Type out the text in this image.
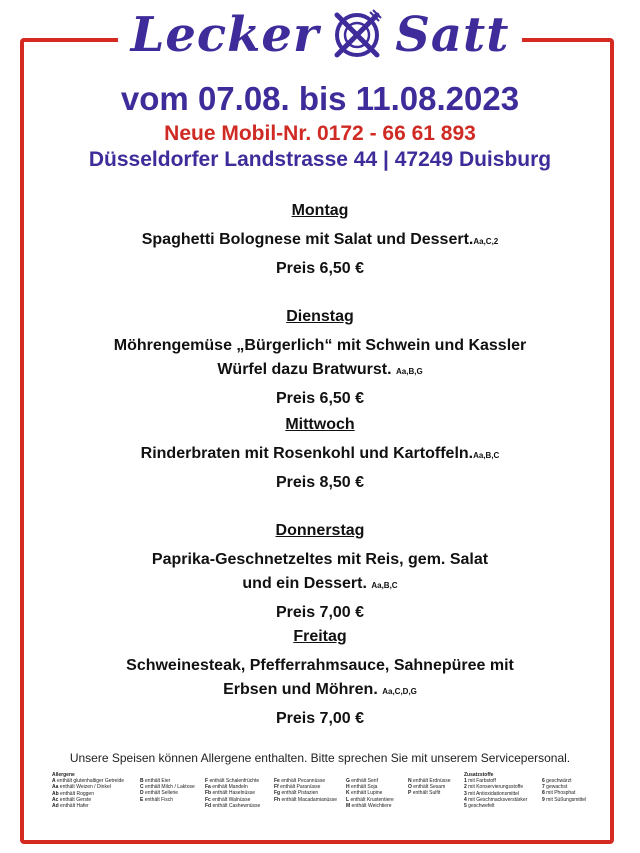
Lecker Satt
vom 07.08. bis 11.08.2023
Neue Mobil-Nr. 0172 - 66 61 893
Düsseldorfer Landstrasse 44 | 47249 Duisburg
Montag
Spaghetti Bolognese mit Salat und Dessert.Aa,C,2
Preis 6,50 €
Dienstag
Möhrengemüse „Bürgerlich“ mit Schwein und Kassler
Würfel dazu Bratwurst. Aa,B,G
Preis 6,50 €
Mittwoch
Rinderbraten mit Rosenkohl und Kartoffeln.Aa,B,C
Preis 8,50 €
Donnerstag
Paprika-Geschnetzeltes mit Reis, gem. Salat
und ein Dessert. Aa,B,C
Preis 7,00 €
Freitag
Schweinesteak, Pfefferrahmsauce, Sahnepüree mit
Erbsen und Möhren. Aa,C,D,G
Preis 7,00 €
Unsere Speisen können Allergene enthalten. Bitte sprechen Sie mit unserem Servicepersonal.
Allergene
A enthält glutenhaltiger Getreide
Aa enthält Weizen / Dinkel
Ab enthält Roggen
Ac enthält Gerste
Ad enthält Hafer
B enthält Eier
C enthält Milch / Laktose
D enthält Sellerie
E enthält Fisch
F enthält Schalenfrüchte
Fa enthält Mandeln
Fb enthält Haselnüsse
Fc enthält Walnüsse
Fd enthält Cashewnüsse
Fe enthält Pecannüsse
Ff enthält Paranüsse
Fg enthält Pistazien
Fh enthält Macadamianüsse
G enthält Senf
H enthält Soja
K enthält Lupine
L enthält Krustentiere
M enthält Weichtiere
N enthält Erdnüsse
O enthält Sesam
P enthält Sulfit
Zusatzstoffe
1 mit Farbstoff
2 mit Konservierungsstoffe
3 mit Antioxidationsmittel
4 mit Geschmacksverstärker
5 geschwefelt
6 geschwärzt
7 gewachst
8 mit Phosphat
9 mit Süßungsmittel
